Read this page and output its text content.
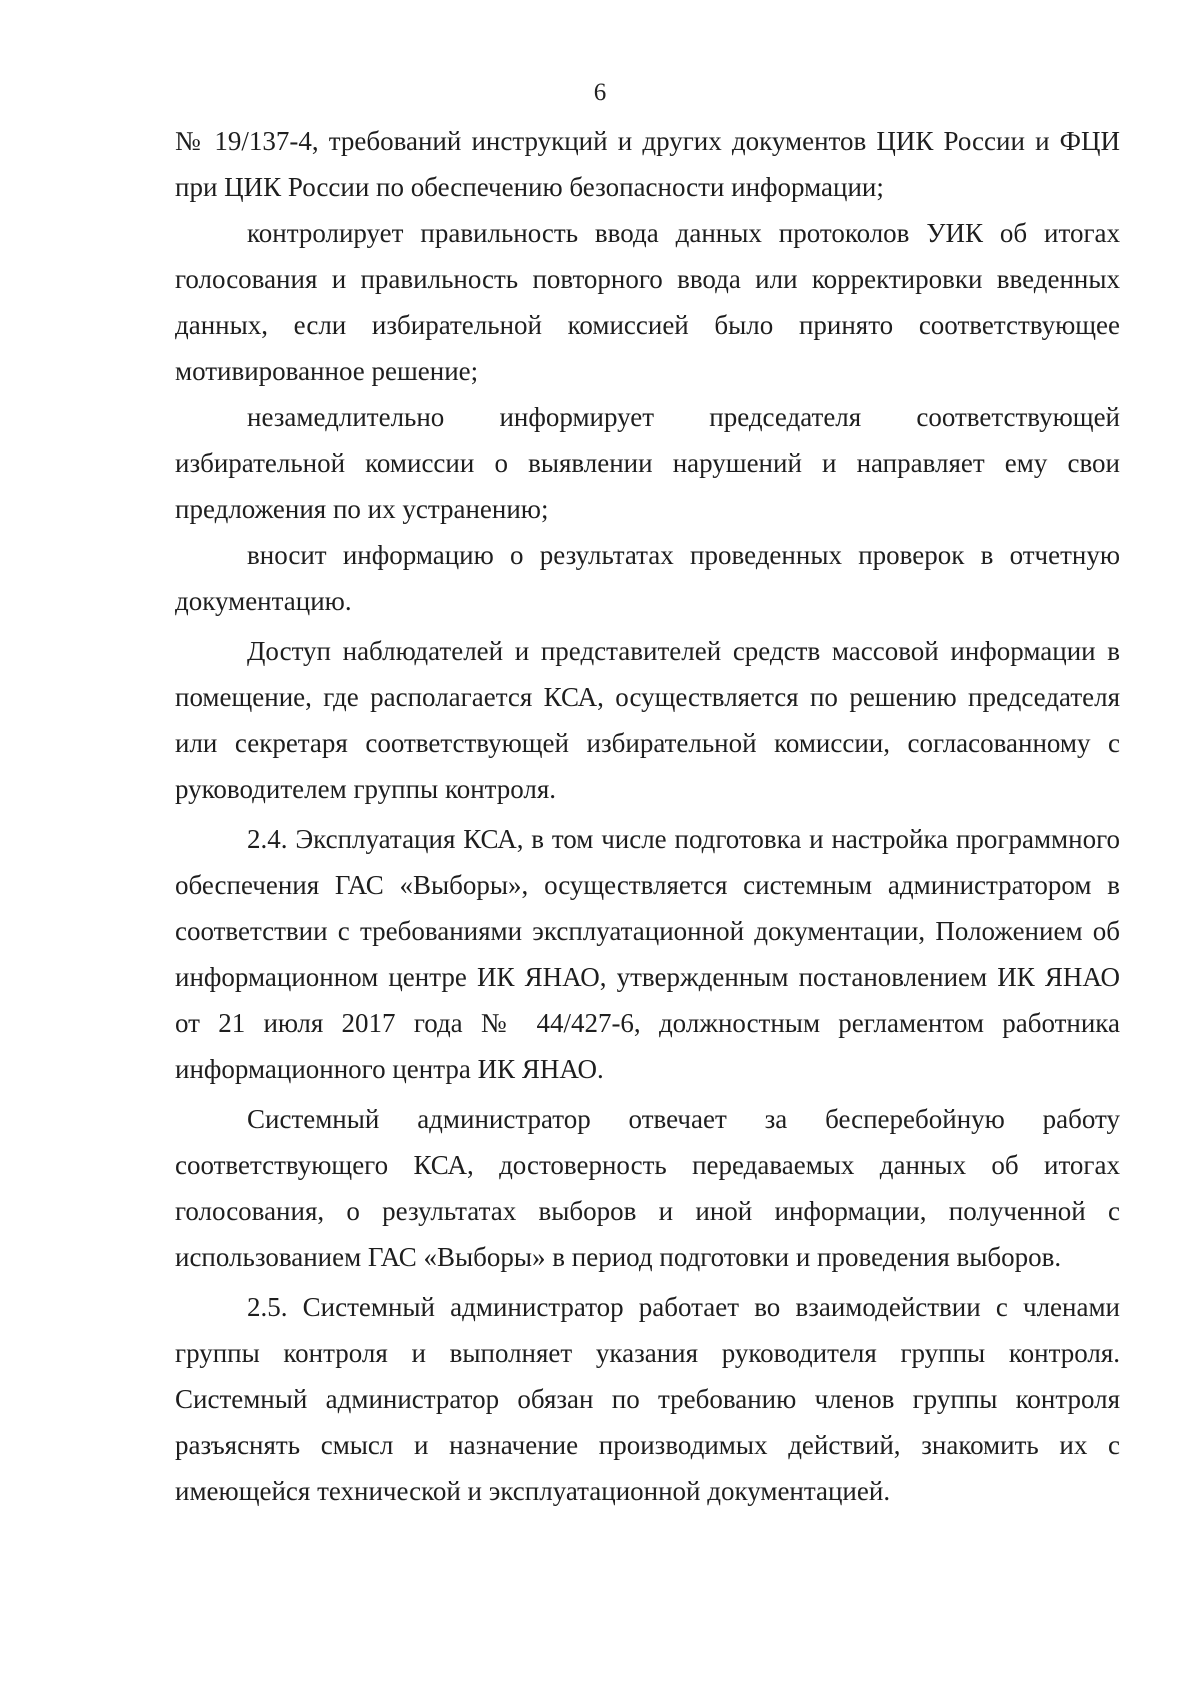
6

№ 19/137-4, требований инструкций и других документов ЦИК России и ФЦИ при ЦИК России по обеспечению безопасности информации;

контролирует правильность ввода данных протоколов УИК об итогах голосования и правильность повторного ввода или корректировки введенных данных, если избирательной комиссией было принято соответствующее мотивированное решение;

незамедлительно информирует председателя соответствующей избирательной комиссии о выявлении нарушений и направляет ему свои предложения по их устранению;

вносит информацию о результатах проведенных проверок в отчетную документацию.

Доступ наблюдателей и представителей средств массовой информации в помещение, где располагается КСА, осуществляется по решению председателя или секретаря соответствующей избирательной комиссии, согласованному с руководителем группы контроля.

2.4. Эксплуатация КСА, в том числе подготовка и настройка программного обеспечения ГАС «Выборы», осуществляется системным администратором в соответствии с требованиями эксплуатационной документации, Положением об информационном центре ИК ЯНАО, утвержденным постановлением ИК ЯНАО от 21 июля 2017 года № 44/427-6, должностным регламентом работника информационного центра ИК ЯНАО.

Системный администратор отвечает за бесперебойную работу соответствующего КСА, достоверность передаваемых данных об итогах голосования, о результатах выборов и иной информации, полученной с использованием ГАС «Выборы» в период подготовки и проведения выборов.

2.5. Системный администратор работает во взаимодействии с членами группы контроля и выполняет указания руководителя группы контроля. Системный администратор обязан по требованию членов группы контроля разъяснять смысл и назначение производимых действий, знакомить их с имеющейся технической и эксплуатационной документацией.
